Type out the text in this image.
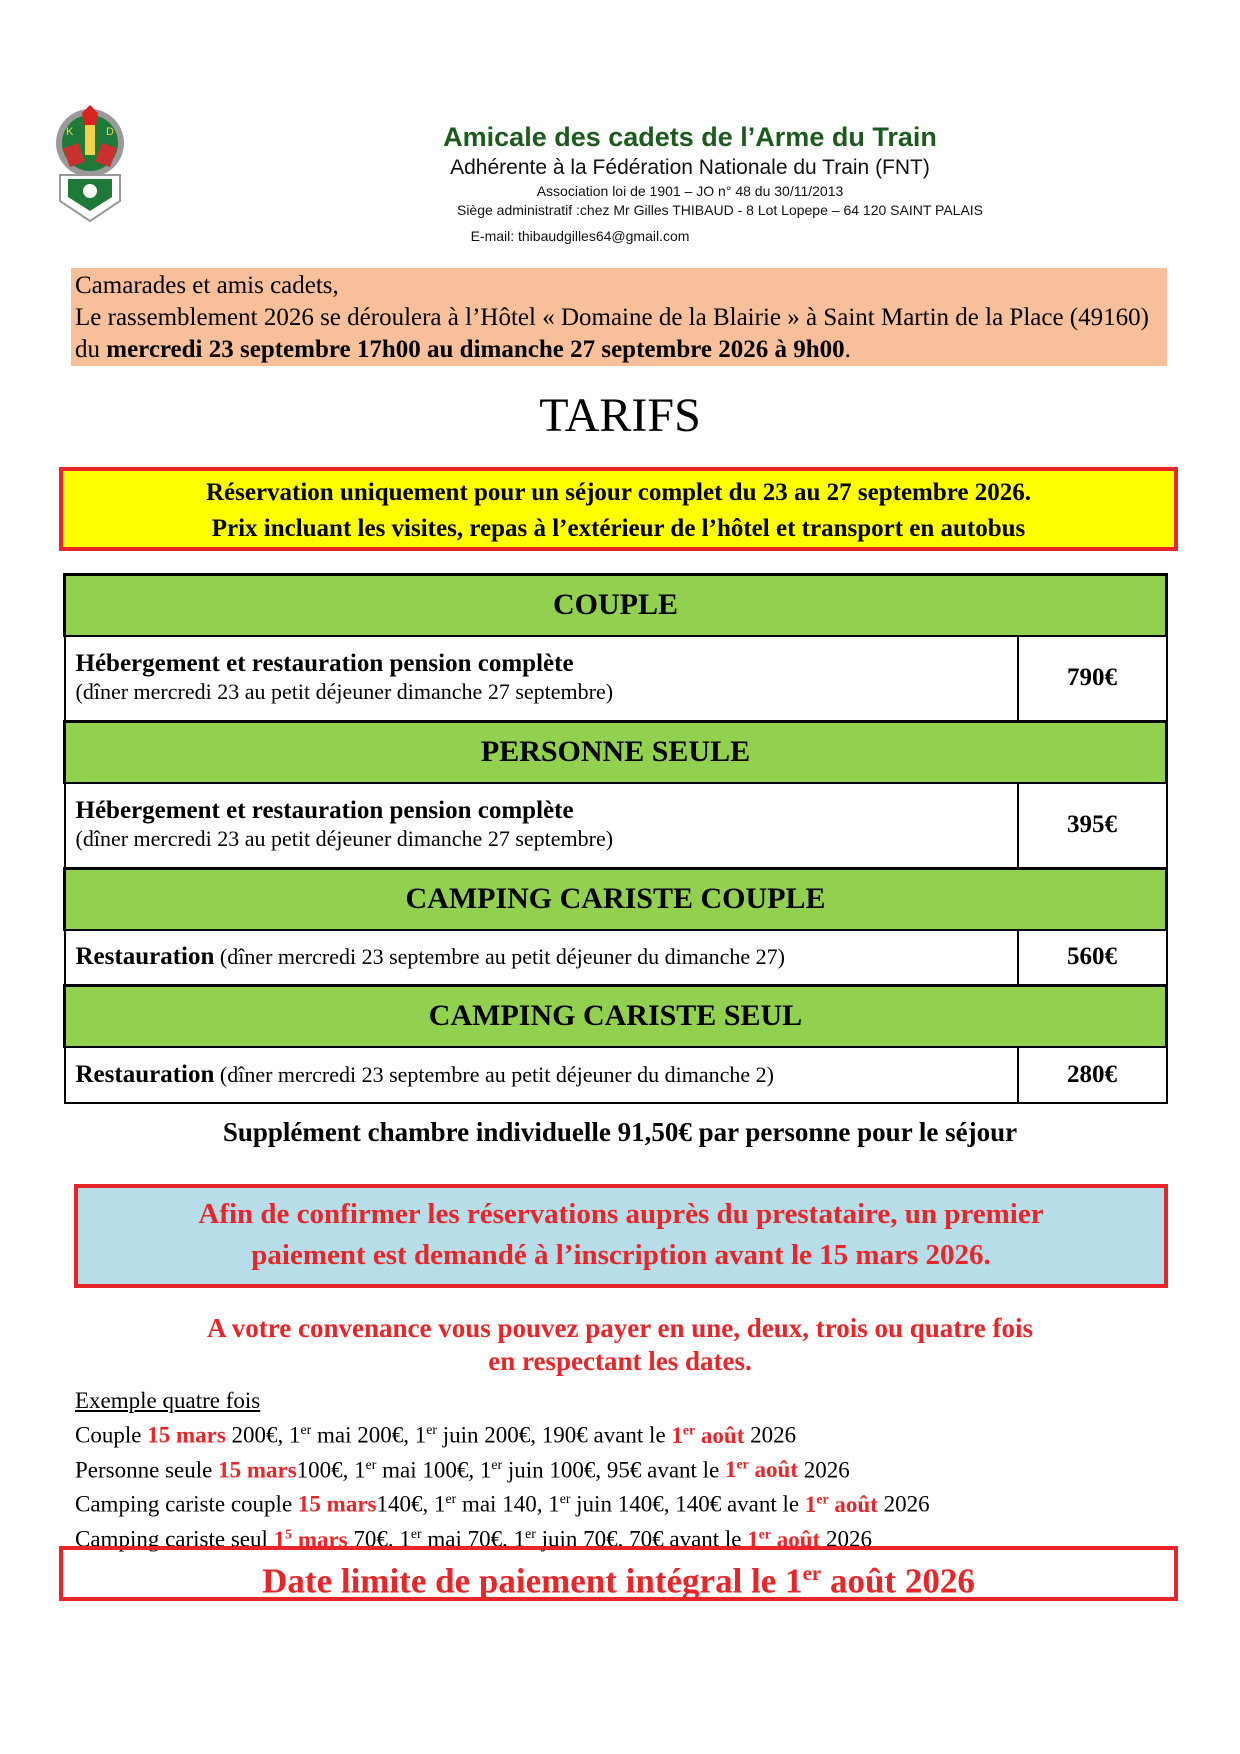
K	D	Amicale des cadets de l’Arme du Train
Adhérente à la Fédération Nationale du Train (FNT)
Association loi de 1901 – JO n° 48 du 30/11/2013
Siège administratif :chez Mr Gilles THIBAUD - 8 Lot Lopepe – 64 120 SAINT PALAIS
E-mail: thibaudgilles64@gmail.com
Camarades et amis cadets,
Le rassemblement 2026 se déroulera à l’Hôtel « Domaine de la Blairie » à Saint Martin de la Place (49160) du mercredi 23 septembre 17h00 au dimanche 27 septembre 2026 à 9h00.
TARIFS
Réservation uniquement pour un séjour complet du 23 au 27 septembre 2026.
Prix incluant les visites, repas à l’extérieur de l’hôtel et transport en autobus
COUPLE	
Hébergement et restauration pension complète
(dîner mercredi 23 au petit déjeuner dimanche 27 septembre)	790€
PERSONNE SEULE	
Hébergement et restauration pension complète
(dîner mercredi 23 au petit déjeuner dimanche 27 septembre)	395€
CAMPING CARISTE COUPLE	
Restauration (dîner mercredi 23 septembre au petit déjeuner du dimanche 27)	560€
CAMPING CARISTE SEUL	
Restauration (dîner mercredi 23 septembre au petit déjeuner du dimanche 2)	280€
Supplément chambre individuelle 91,50€ par personne pour le séjour
Afin de confirmer les réservations auprès du prestataire, un premier
paiement est demandé à l’inscription avant le 15 mars 2026.
A votre convenance vous pouvez payer en une, deux, trois ou quatre fois
en respectant les dates.
Exemple quatre fois
Couple 15 mars 200€, 1er mai 200€, 1er juin 200€, 190€ avant le 1er août 2026
Personne seule 15 mars100€, 1er mai 100€, 1er juin 100€, 95€ avant le 1er août 2026
Camping cariste couple 15 mars140€, 1er mai 140, 1er juin 140€, 140€ avant le 1er août 2026
Camping cariste seul $1^5$ mars 70€, 1er mai 70€, 1er juin 70€, 70€ avant le 1er août 2026
Date limite de paiement intégral le 1er août 2026
